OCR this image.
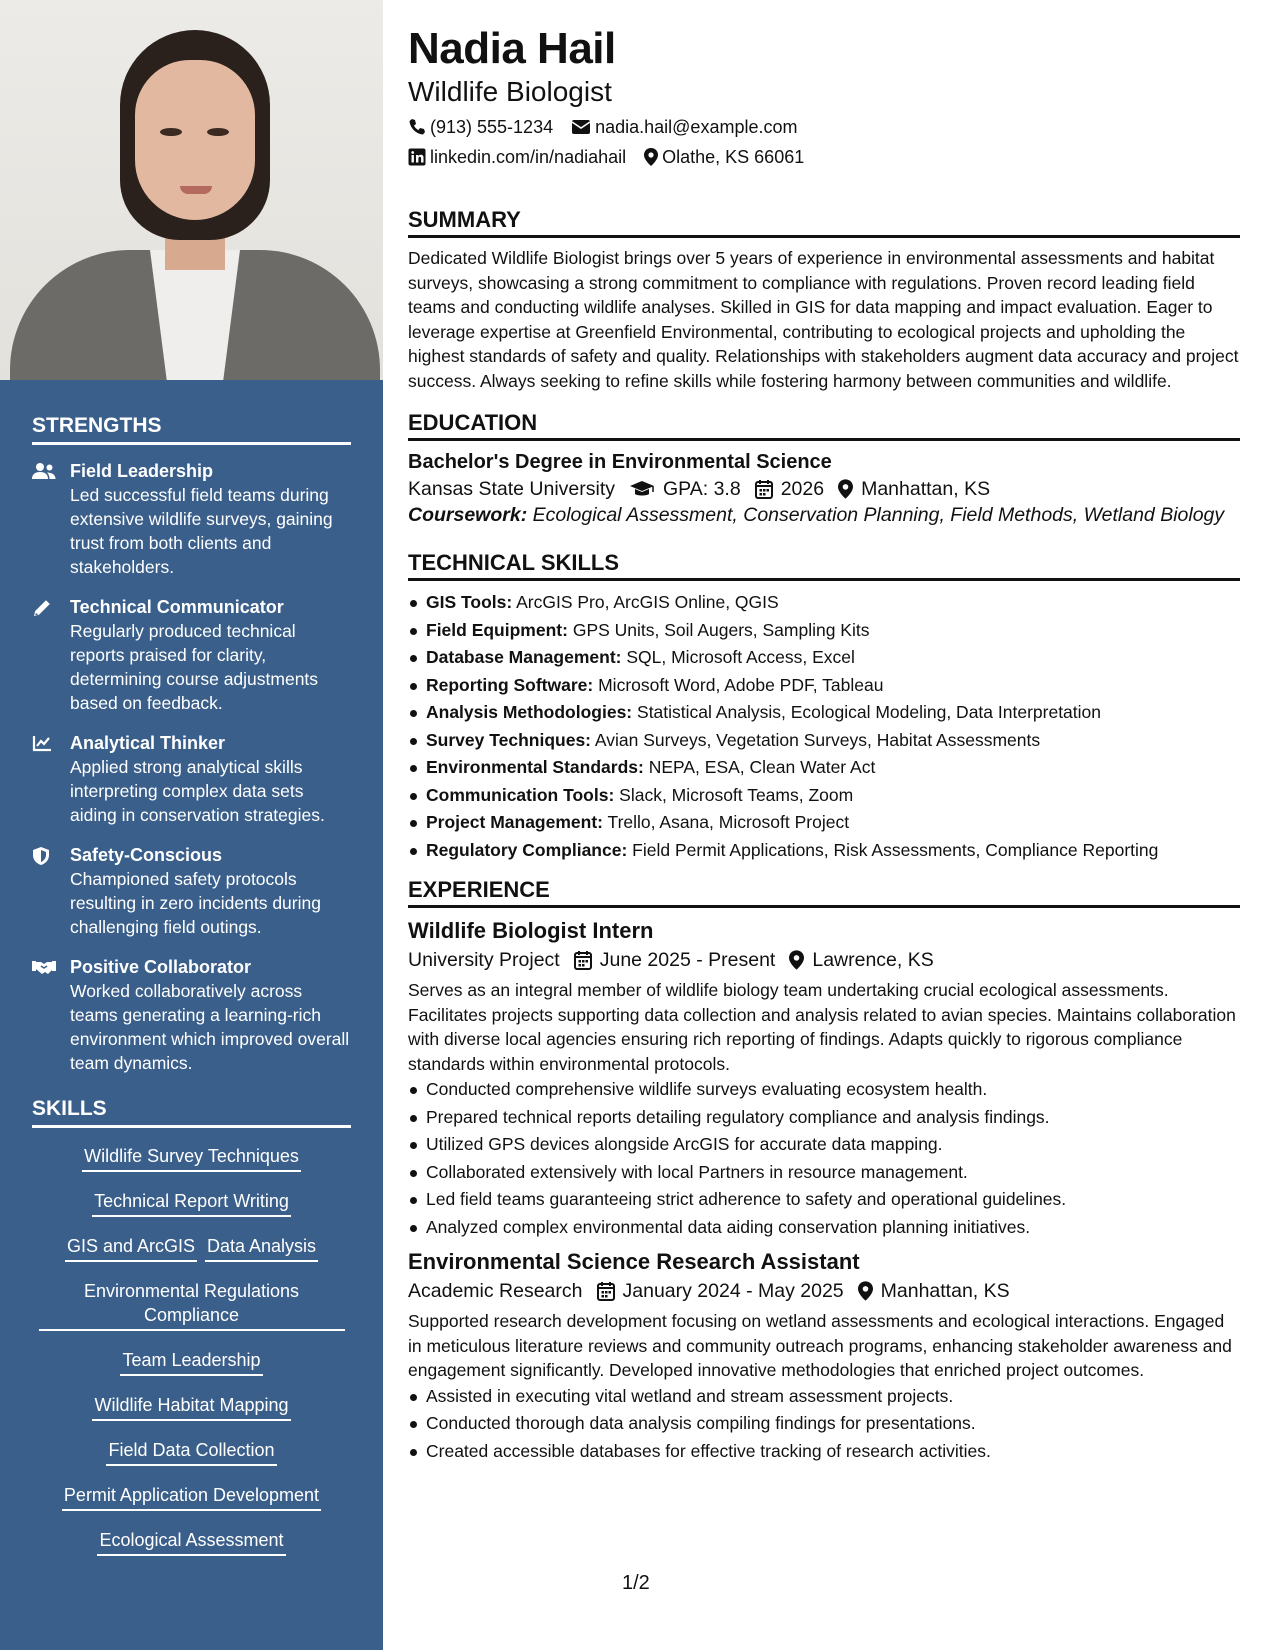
STRENGTHS
Field Leadership
Led successful field teams during extensive wildlife surveys, gaining trust from both clients and stakeholders.
Technical Communicator
Regularly produced technical reports praised for clarity, determining course adjustments based on feedback.
Analytical Thinker
Applied strong analytical skills interpreting complex data sets aiding in conservation strategies.
Safety-Conscious
Championed safety protocols resulting in zero incidents during challenging field outings.
Positive Collaborator
Worked collaboratively across teams generating a learning-rich environment which improved overall team dynamics.
SKILLS
Wildlife Survey Techniques
Technical Report Writing
GIS and ArcGIS Data Analysis
Environmental Regulations Compliance
Team Leadership
Wildlife Habitat Mapping
Field Data Collection
Permit Application Development
Ecological Assessment
Nadia Hail
Wildlife Biologist
(913) 555-1234 nadia.hail@example.com
linkedin.com/in/nadiahail Olathe, KS 66061
SUMMARY
Dedicated Wildlife Biologist brings over 5 years of experience in environmental assessments and habitat surveys, showcasing a strong commitment to compliance with regulations. Proven record leading field teams and conducting wildlife analyses. Skilled in GIS for data mapping and impact evaluation. Eager to leverage expertise at Greenfield Environmental, contributing to ecological projects and upholding the highest standards of safety and quality. Relationships with stakeholders augment data accuracy and project success. Always seeking to refine skills while fostering harmony between communities and wildlife.
EDUCATION
Bachelor's Degree in Environmental Science
Kansas State University GPA: 3.8 2026 Manhattan, KS
Coursework: Ecological Assessment, Conservation Planning, Field Methods, Wetland Biology
TECHNICAL SKILLS
GIS Tools: ArcGIS Pro, ArcGIS Online, QGIS
Field Equipment: GPS Units, Soil Augers, Sampling Kits
Database Management: SQL, Microsoft Access, Excel
Reporting Software: Microsoft Word, Adobe PDF, Tableau
Analysis Methodologies: Statistical Analysis, Ecological Modeling, Data Interpretation
Survey Techniques: Avian Surveys, Vegetation Surveys, Habitat Assessments
Environmental Standards: NEPA, ESA, Clean Water Act
Communication Tools: Slack, Microsoft Teams, Zoom
Project Management: Trello, Asana, Microsoft Project
Regulatory Compliance: Field Permit Applications, Risk Assessments, Compliance Reporting
EXPERIENCE
Wildlife Biologist Intern
University Project June 2025 - Present Lawrence, KS
Serves as an integral member of wildlife biology team undertaking crucial ecological assessments. Facilitates projects supporting data collection and analysis related to avian species. Maintains collaboration with diverse local agencies ensuring rich reporting of findings. Adapts quickly to rigorous compliance standards within environmental protocols.
Conducted comprehensive wildlife surveys evaluating ecosystem health.
Prepared technical reports detailing regulatory compliance and analysis findings.
Utilized GPS devices alongside ArcGIS for accurate data mapping.
Collaborated extensively with local Partners in resource management.
Led field teams guaranteeing strict adherence to safety and operational guidelines.
Analyzed complex environmental data aiding conservation planning initiatives.
Environmental Science Research Assistant
Academic Research January 2024 - May 2025 Manhattan, KS
Supported research development focusing on wetland assessments and ecological interactions. Engaged in meticulous literature reviews and community outreach programs, enhancing stakeholder awareness and engagement significantly. Developed innovative methodologies that enriched project outcomes.
Assisted in executing vital wetland and stream assessment projects.
Conducted thorough data analysis compiling findings for presentations.
Created accessible databases for effective tracking of research activities.
1/2
